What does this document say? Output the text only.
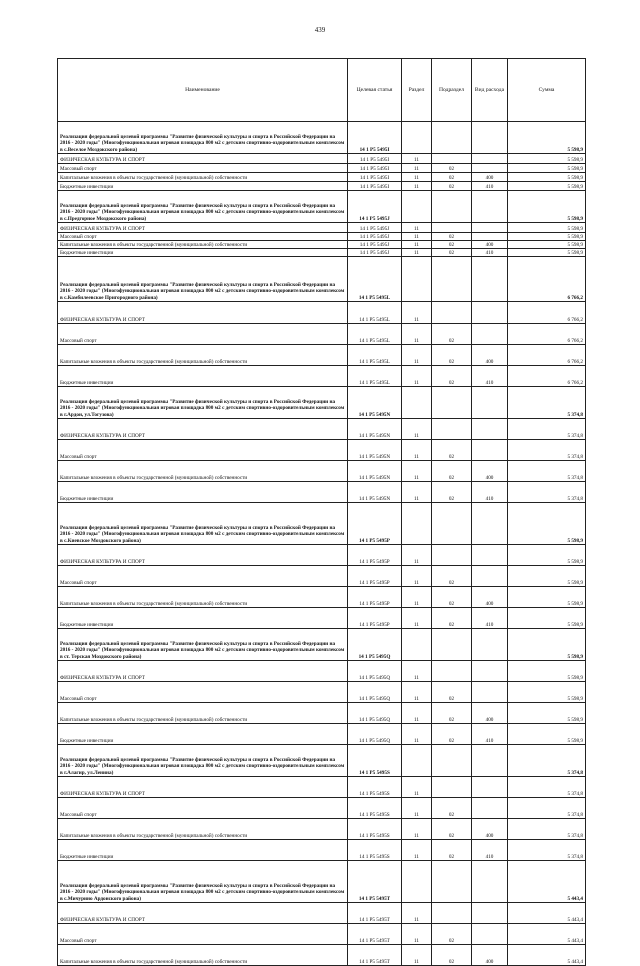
439
Наименование	Целевая статья	Раздел	Подраздел	Вид расхода	Сумма
Реализация федеральной целевой программы "Развитие физической культуры и спорта в Российской Федерации на 2016 - 2020 годы" (Многофункциональная игровая площадка 800 м2 с детским спортивно-оздоровительным комплексом в с.Веселое Моздокского района)	14 1 Р5 5495I				5 598,9
ФИЗИЧЕСКАЯ КУЛЬТУРА И СПОРТ	14 1 Р5 5495I	11			5 598,9
Массовый спорт	14 1 Р5 5495I	11	02		5 598,9
Капитальные вложения в объекты государственной (муниципальной) собственности	14 1 Р5 5495I	11	02	400	5 598,9
Бюджетные инвестиции	14 1 Р5 5495I	11	02	410	5 598,9
Реализация федеральной целевой программы "Развитие физической культуры и спорта в Российской Федерации на 2016 - 2020 годы" (Многофункциональная игровая площадка 800 м2 с детским спортивно-оздоровительным комплексом в с.Предгорное Моздокского района)	14 1 Р5 5495J				5 598,9
ФИЗИЧЕСКАЯ КУЛЬТУРА И СПОРТ	14 1 Р5 5495J	11			5 598,9
Массовый спорт	14 1 Р5 5495J	11	02		5 598,9
Капитальные вложения в объекты государственной (муниципальной) собственности	14 1 Р5 5495J	11	02	400	5 598,9
Бюджетные инвестиции	14 1 Р5 5495J	11	02	410	5 598,9
Реализация федеральной целевой программы "Развитие физической культуры и спорта в Российской Федерации на 2016 - 2020 годы" (Многофункциональная игровая площадка 800 м2 с детским спортивно-оздоровительным комплексом в с.Камбилеевское Пригородного района)	14 1 Р5 5495L				6 766,2
ФИЗИЧЕСКАЯ КУЛЬТУРА И СПОРТ	14 1 Р5 5495L	11			6 766,2
Массовый спорт	14 1 Р5 5495L	11	02		6 766,2
Капитальные вложения в объекты государственной (муниципальной) собственности	14 1 Р5 5495L	11	02	400	6 766,2
Бюджетные инвестиции	14 1 Р5 5495L	11	02	410	6 766,2
Реализация федеральной целевой программы "Развитие физической культуры и спорта в Российской Федерации на 2016 - 2020 годы" (Многофункциональная игровая площадка 800 м2 с детским спортивно-оздоровительным комплексом в г.Ардон, ул.Тогузова)	14 1 Р5 5495N				5 374,8
ФИЗИЧЕСКАЯ КУЛЬТУРА И СПОРТ	14 1 Р5 5495N	11			5 374,8
Массовый спорт	14 1 Р5 5495N	11	02		5 374,8
Капитальные вложения в объекты государственной (муниципальной) собственности	14 1 Р5 5495N	11	02	400	5 374,8
Бюджетные инвестиции	14 1 Р5 5495N	11	02	410	5 374,8
Реализация федеральной целевой программы "Развитие физической культуры и спорта в Российской Федерации на 2016 - 2020 годы" (Многофункциональная игровая площадка 800 м2 с детским спортивно-оздоровительным комплексом в с.Киевское Моздокского района)	14 1 Р5 5495P				5 598,9
ФИЗИЧЕСКАЯ КУЛЬТУРА И СПОРТ	14 1 Р5 5495P	11			5 598,9
Массовый спорт	14 1 Р5 5495P	11	02		5 598,9
Капитальные вложения в объекты государственной (муниципальной) собственности	14 1 Р5 5495P	11	02	400	5 598,9
Бюджетные инвестиции	14 1 Р5 5495P	11	02	410	5 598,9
Реализация федеральной целевой программы "Развитие физической культуры и спорта в Российской Федерации на 2016 - 2020 годы" (Многофункциональная игровая площадка 800 м2 с детским спортивно-оздоровительным комплексом в ст. Терская Моздокского района)	14 1 Р5 5495Q				5 598,9
ФИЗИЧЕСКАЯ КУЛЬТУРА И СПОРТ	14 1 Р5 5495Q	11			5 598,9
Массовый спорт	14 1 Р5 5495Q	11	02		5 598,9
Капитальные вложения в объекты государственной (муниципальной) собственности	14 1 Р5 5495Q	11	02	400	5 598,9
Бюджетные инвестиции	14 1 Р5 5495Q	11	02	410	5 598,9
Реализация федеральной целевой программы "Развитие физической культуры и спорта в Российской Федерации на 2016 - 2020 годы" (Многофункциональная игровая площадка 800 м2 с детским спортивно-оздоровительным комплексом в г.Алагир, ул.Ленина)	14 1 Р5 5495S				5 374,8
ФИЗИЧЕСКАЯ КУЛЬТУРА И СПОРТ	14 1 Р5 5495S	11			5 374,8
Массовый спорт	14 1 Р5 5495S	11	02		5 374,8
Капитальные вложения в объекты государственной (муниципальной) собственности	14 1 Р5 5495S	11	02	400	5 374,8
Бюджетные инвестиции	14 1 Р5 5495S	11	02	410	5 374,8
Реализация федеральной целевой программы "Развитие физической культуры и спорта в Российской Федерации на 2016 - 2020 годы" (Многофункциональная игровая площадка 800 м2 с детским спортивно-оздоровительным комплексом в с.Мичурино Ардонского района)	14 1 Р5 5495T				5 443,4
ФИЗИЧЕСКАЯ КУЛЬТУРА И СПОРТ	14 1 Р5 5495T	11			5 443,4
Массовый спорт	14 1 Р5 5495T	11	02		5 443,4
Капитальные вложения в объекты государственной (муниципальной) собственности	14 1 Р5 5495T	11	02	400	5 443,4
